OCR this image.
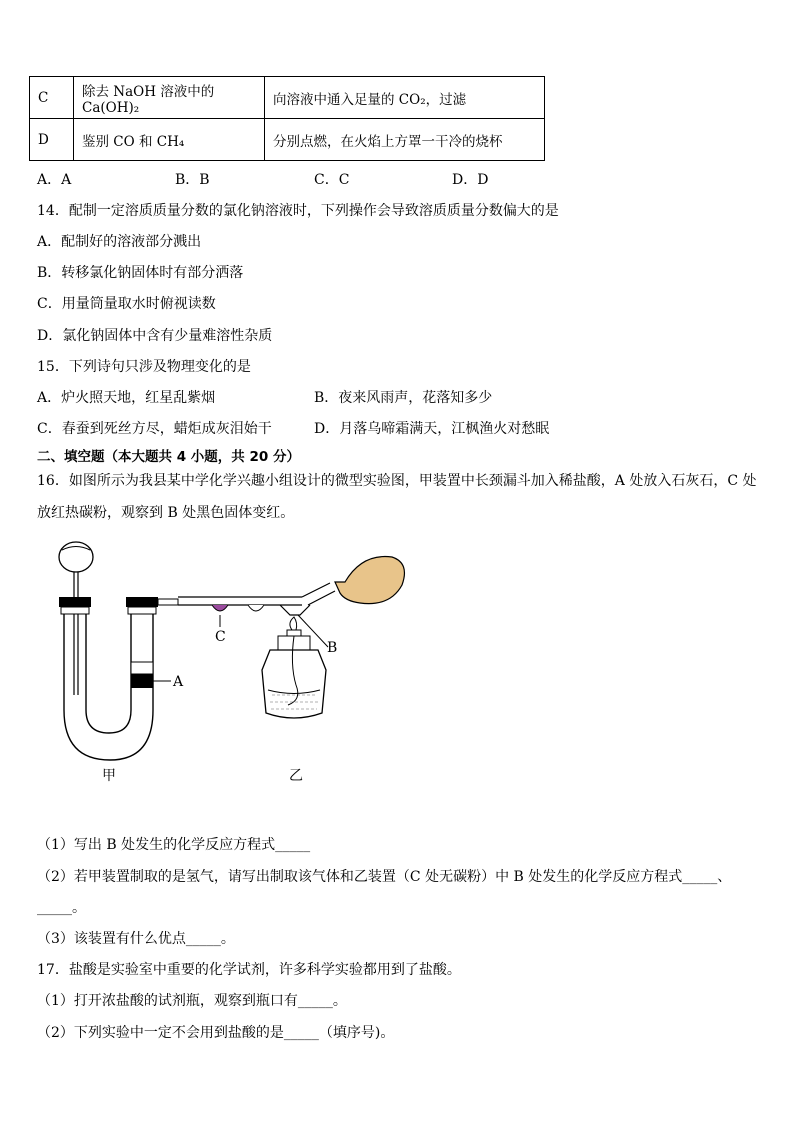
C	除去 NaOH 溶液中的 Ca(OH)₂	向溶液中通入足量的 CO₂，过滤
D	鉴别 CO 和 CH₄	分别点燃，在火焰上方罩一干冷的烧杯
A．A	B．B	C．C	D．D
14．配制一定溶质质量分数的氯化钠溶液时，下列操作会导致溶质质量分数偏大的是
A．配制好的溶液部分溅出
B．转移氯化钠固体时有部分洒落
C．用量筒量取水时俯视读数
D．氯化钠固体中含有少量难溶性杂质
15．下列诗句只涉及物理变化的是
A．炉火照天地，红星乱紫烟	B．夜来风雨声，花落知多少
C．春蚕到死丝方尽，蜡炬成灰泪始干	D．月落乌啼霜满天，江枫渔火对愁眠
二、填空题（本大题共 4 小题，共 20 分）
16．如图所示为我县某中学化学兴趣小组设计的微型实验图，甲装置中长颈漏斗加入稀盐酸，A 处放入石灰石，C 处
放红热碳粉，观察到 B 处黑色固体变红。
A
C
B
甲	乙
（1）写出 B 处发生的化学反应方程式_____
（2）若甲装置制取的是氢气，请写出制取该气体和乙装置（C 处无碳粉）中 B 处发生的化学反应方程式_____、
_____。
（3）该装置有什么优点_____。
17．盐酸是实验室中重要的化学试剂，许多科学实验都用到了盐酸。
（1）打开浓盐酸的试剂瓶，观察到瓶口有_____。
（2）下列实验中一定不会用到盐酸的是_____（填序号)。
